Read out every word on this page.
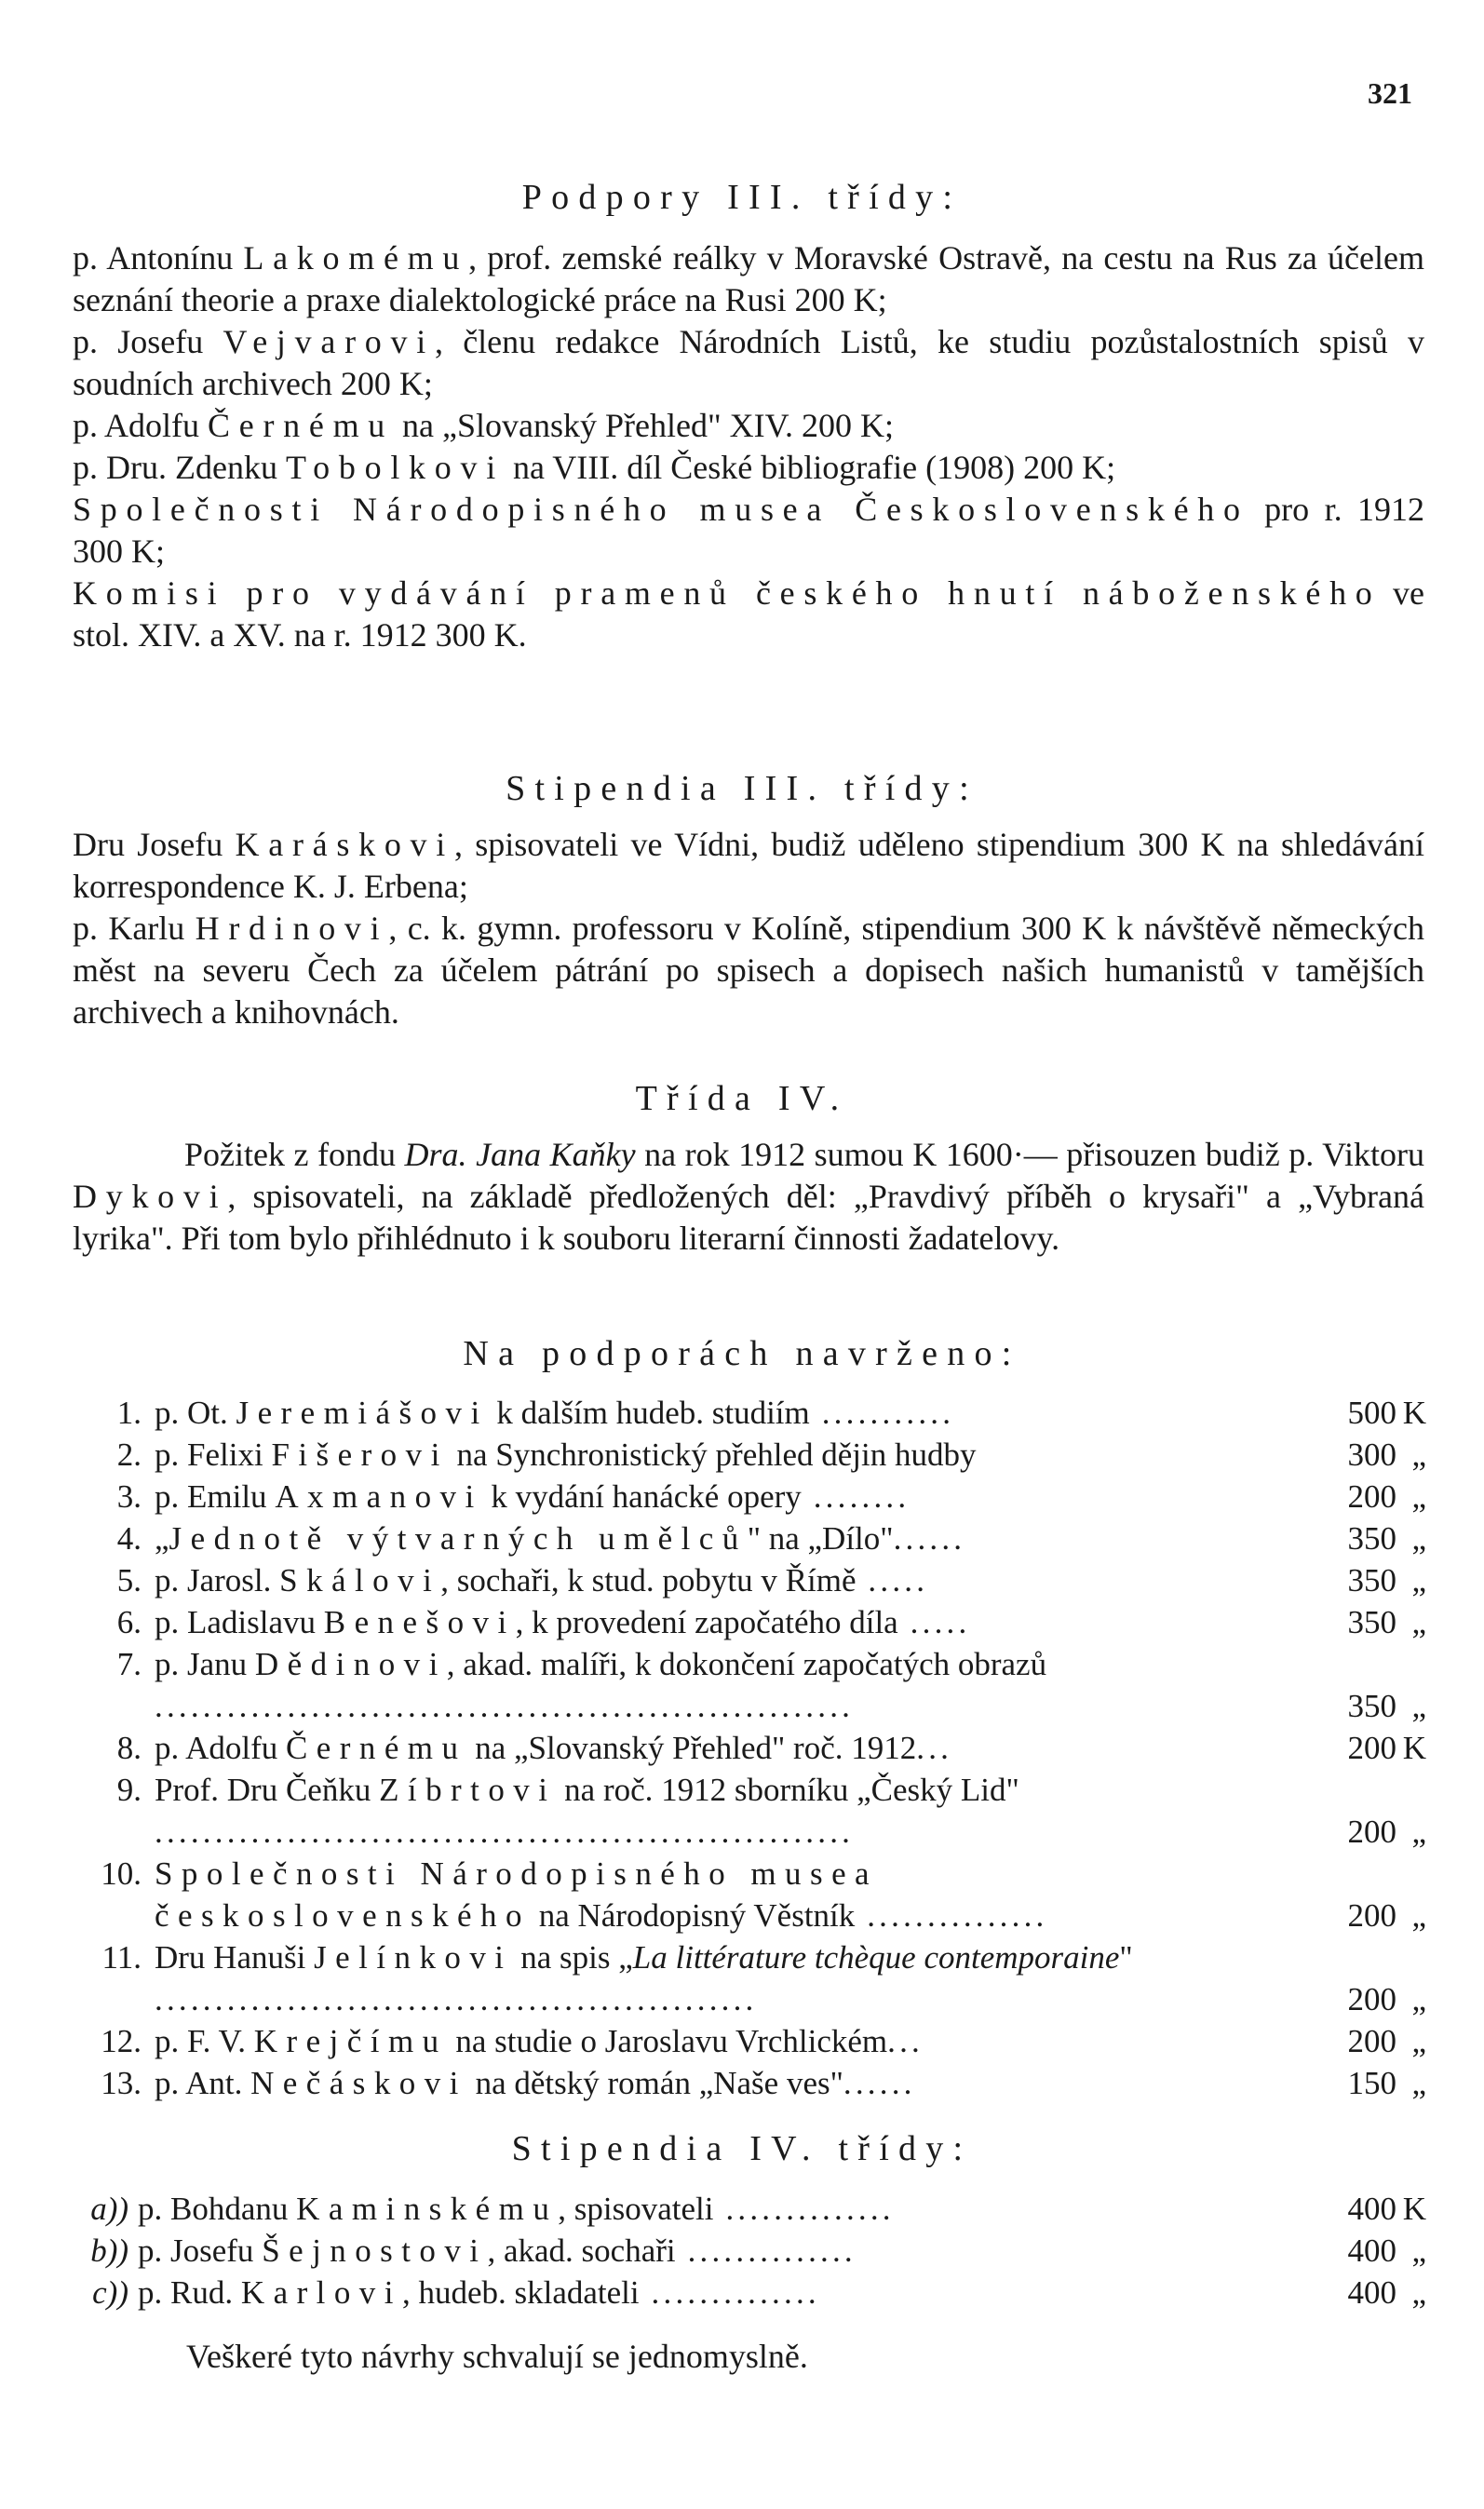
321
Podpory III. třídy:

p. Antonínu Lakomému, prof. zemské reálky v Moravské Ostravě, na cestu na Rus za účelem seznání theorie a praxe dialektologické práce na Rusi 200 K;

p. Josefu Vejvarovi, členu redakce Národních Listů, ke studiu pozůstalostních spisů v soudních archivech 200 K;

p. Adolfu Černému na „Slovanský Přehled" XIV. 200 K;

p. Dru. Zdenku Tobolkovi na VIII. díl České bibliografie (1908) 200 K;

Společnosti Národopisného musea Československého pro r. 1912 300 K;

Komisi pro vydávání pramenů českého hnutí náboženského ve stol. XIV. a XV. na r. 1912 300 K.

Stipendia III. třídy:

Dru Josefu Karáskovi, spisovateli ve Vídni, budiž uděleno stipendium 300 K na shledávání korrespondence K. J. Erbena;

p. Karlu Hrdinovi, c. k. gymn. professoru v Kolíně, stipendium 300 K k návštěvě německých měst na severu Čech za účelem pátrání po spisech a dopisech našich humanistů v tamějších archivech a knihovnách.

Třída IV.

Požitek z fondu Dra. Jana Kaňky na rok 1912 sumou K 1600·— přisouzen budiž p. Viktoru Dykovi, spisovateli, na základě předložených děl: „Pravdivý příběh o krysaři" a „Vybraná lyrika". Při tom bylo přihlédnuto i k souboru literarní činnosti žadatelovy.

Na podporách navrženo:
1. p. Ot. Jeremiášovi k dalším hudeb. studiím ...........	500 K
2. p. Felixi Fišerovi na Synchronistický přehled dějin hudby	300 „
3. p. Emilu Axmanovi k vydání hanácké opery ........	200 „
4. „Jednotě výtvarných umělců" na „Dílo"......	350 „
5. p. Jarosl. Skálovi, sochaři, k stud. pobytu v Římě .....	350 „
6. p. Ladislavu Benešovi, k provedení započatého díla .....	350 „
7. p. Janu Dědinovi, akad. malíři, k dokončení započatých obrazů ..........................................................	350 „
8. p. Adolfu Černému na „Slovanský Přehled" roč. 1912...	200 K
9. Prof. Dru Čeňku Zíbrtovi na roč. 1912 sborníku „Český Lid" ..........................................................	200 „
10. Společnosti Národopisného musea československého na Národopisný Věstník ...............	200 „
11. Dru Hanuši Jelínkovi na spis „La littérature tchèque contemporaine" ..................................................	200 „
12. p. F. V. Krejčímu na studie o Jaroslavu Vrchlickém...	200 „
13. p. Ant. Nečáskovi na dětský román „Naše ves"......	150 „
Stipendia IV. třídy:
a)) p. Bohdanu Kaminskému, spisovateli ..............	400 K
b)) p. Josefu Šejnostovi, akad. sochaři ..............	400 „
c)) p. Rud. Karlovi, hudeb. skladateli ..............	400 „
Veškeré tyto návrhy schvalují se jednomyslně.
